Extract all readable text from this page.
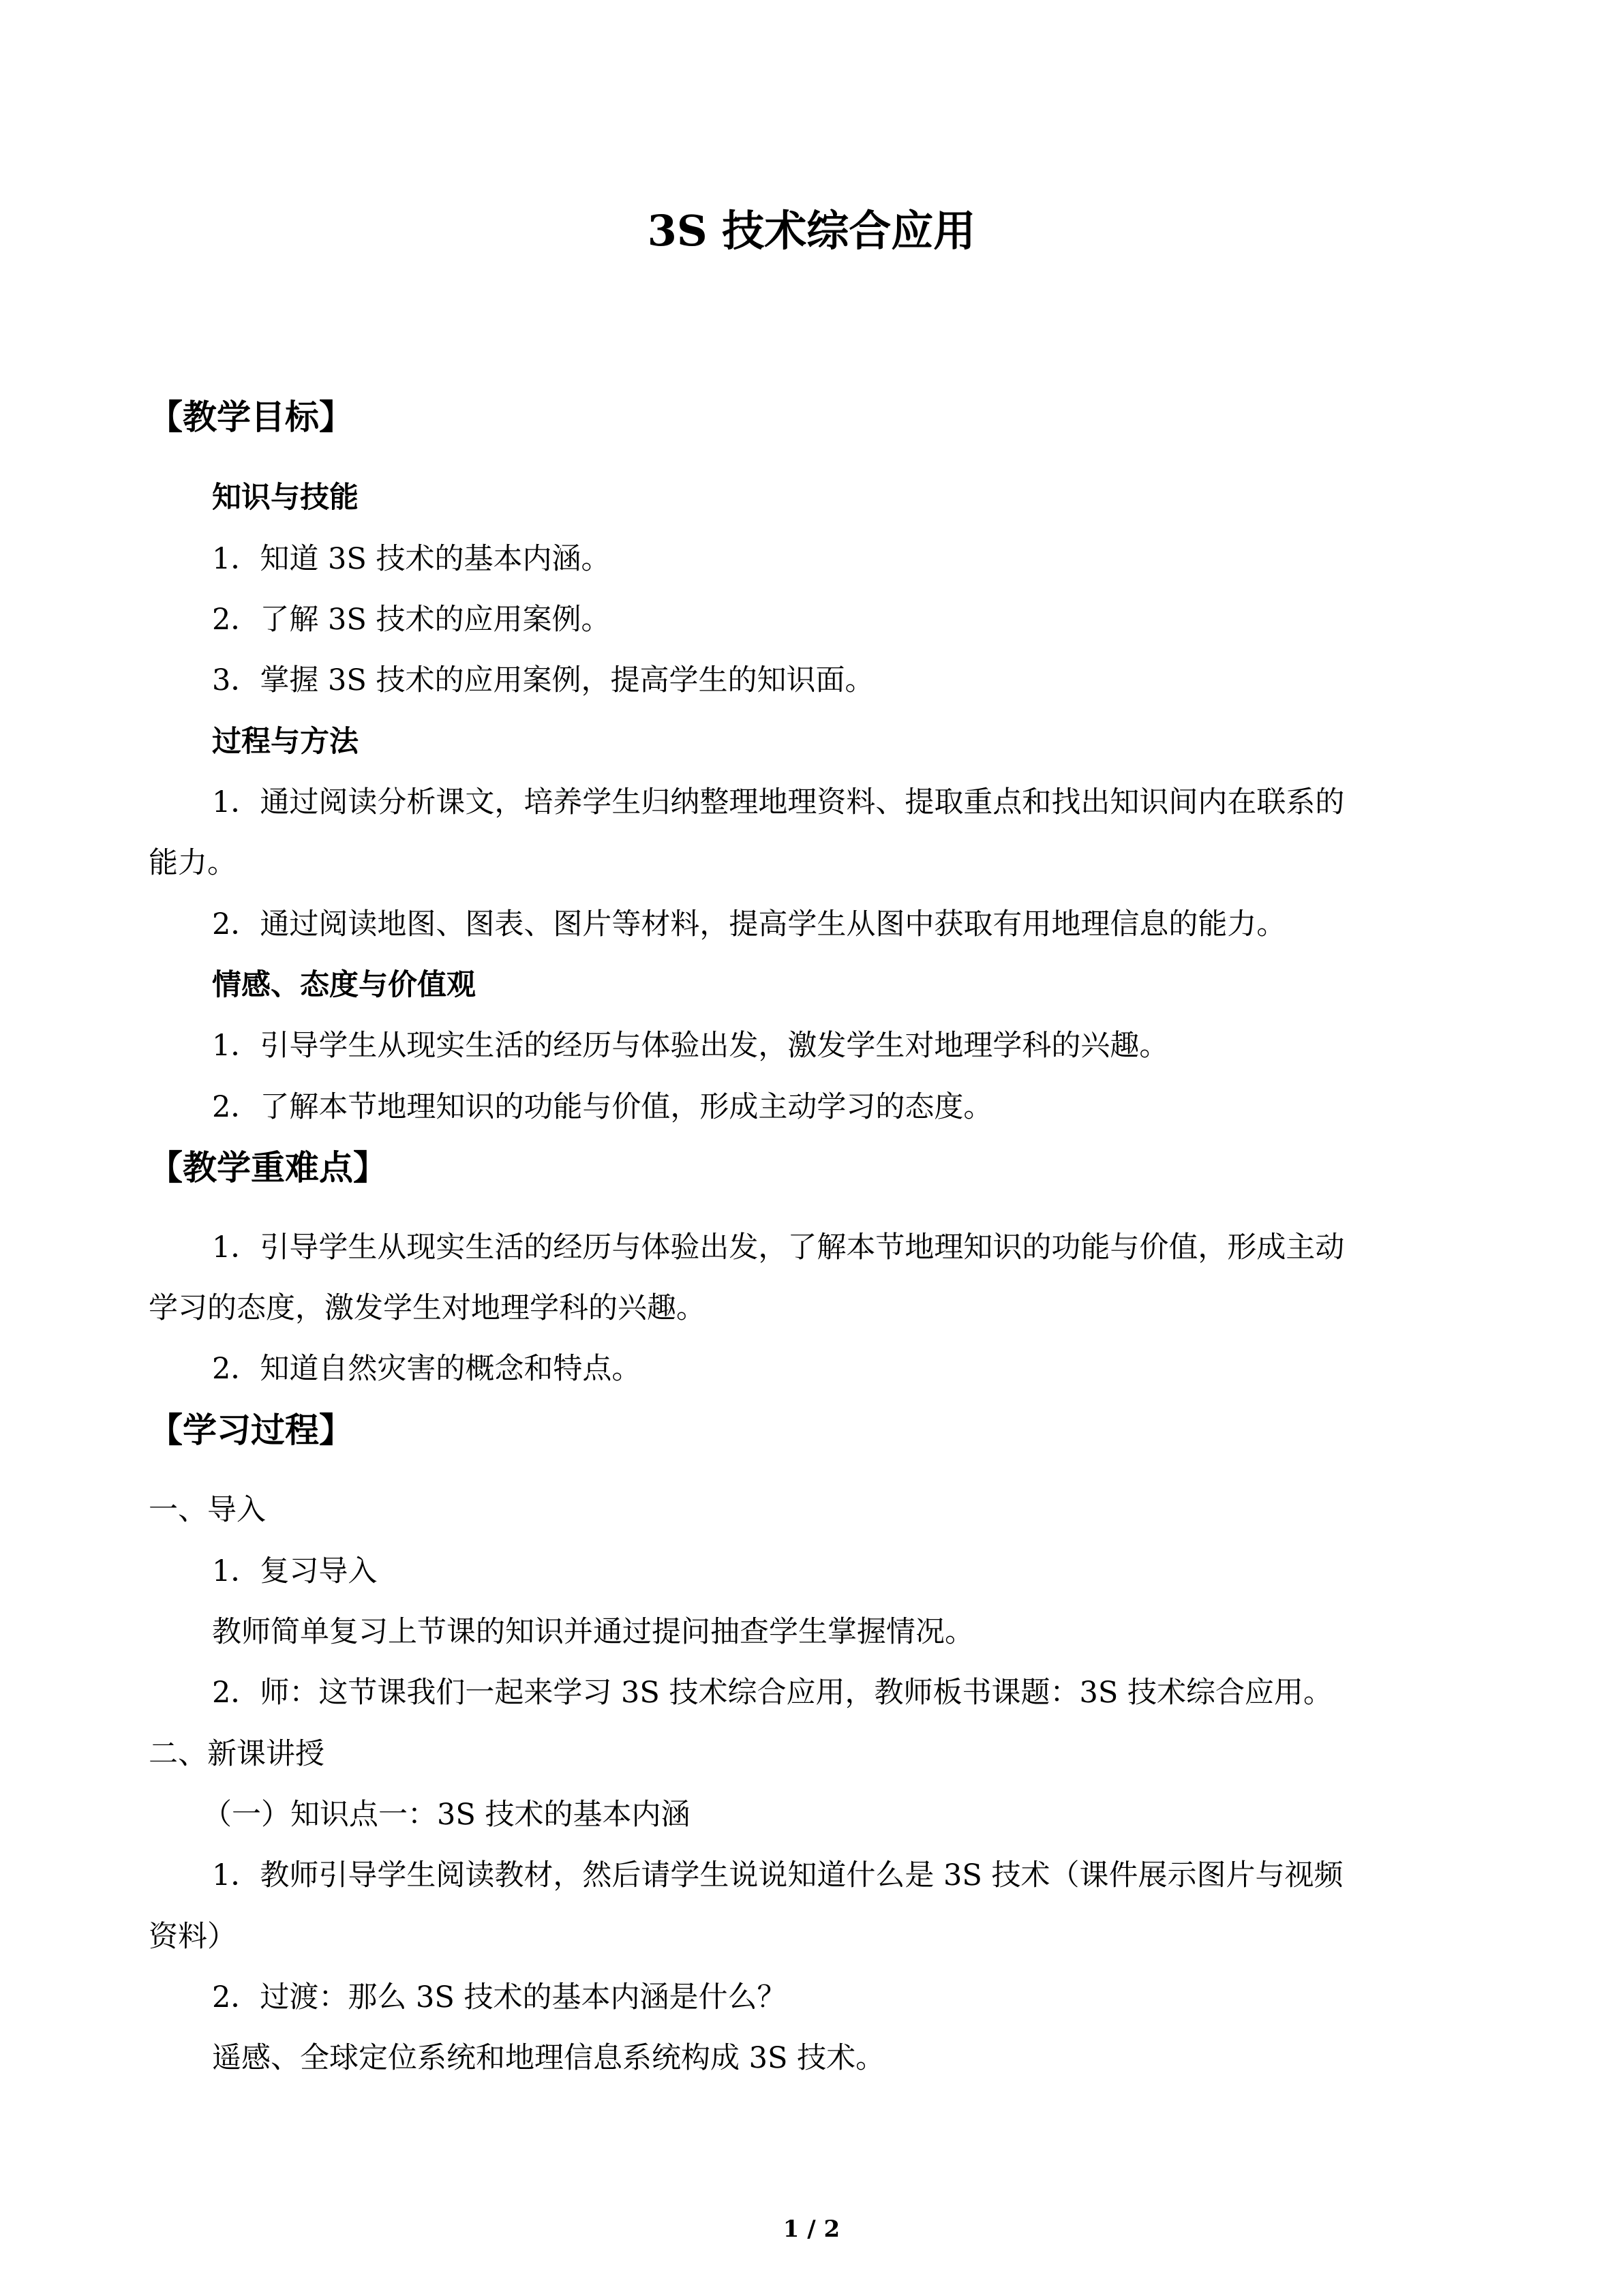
3S 技术综合应用
【教学目标】
知识与技能
1．知道 3S 技术的基本内涵。
2．了解 3S 技术的应用案例。
3．掌握 3S 技术的应用案例，提高学生的知识面。
过程与方法
1．通过阅读分析课文，培养学生归纳整理地理资料、提取重点和找出知识间内在联系的
能力。
2．通过阅读地图、图表、图片等材料，提高学生从图中获取有用地理信息的能力。
情感、态度与价值观
1．引导学生从现实生活的经历与体验出发，激发学生对地理学科的兴趣。
2．了解本节地理知识的功能与价值，形成主动学习的态度。
【教学重难点】
1．引导学生从现实生活的经历与体验出发，了解本节地理知识的功能与价值，形成主动
学习的态度，激发学生对地理学科的兴趣。
2．知道自然灾害的概念和特点。
【学习过程】
一、导入
1．复习导入
教师简单复习上节课的知识并通过提问抽查学生掌握情况。
2．师：这节课我们一起来学习 3S 技术综合应用，教师板书课题：3S 技术综合应用。
二、新课讲授
（一）知识点一：3S 技术的基本内涵
1．教师引导学生阅读教材，然后请学生说说知道什么是 3S 技术（课件展示图片与视频
资料）
2．过渡：那么 3S 技术的基本内涵是什么？
遥感、全球定位系统和地理信息系统构成 3S 技术。
1 / 2
